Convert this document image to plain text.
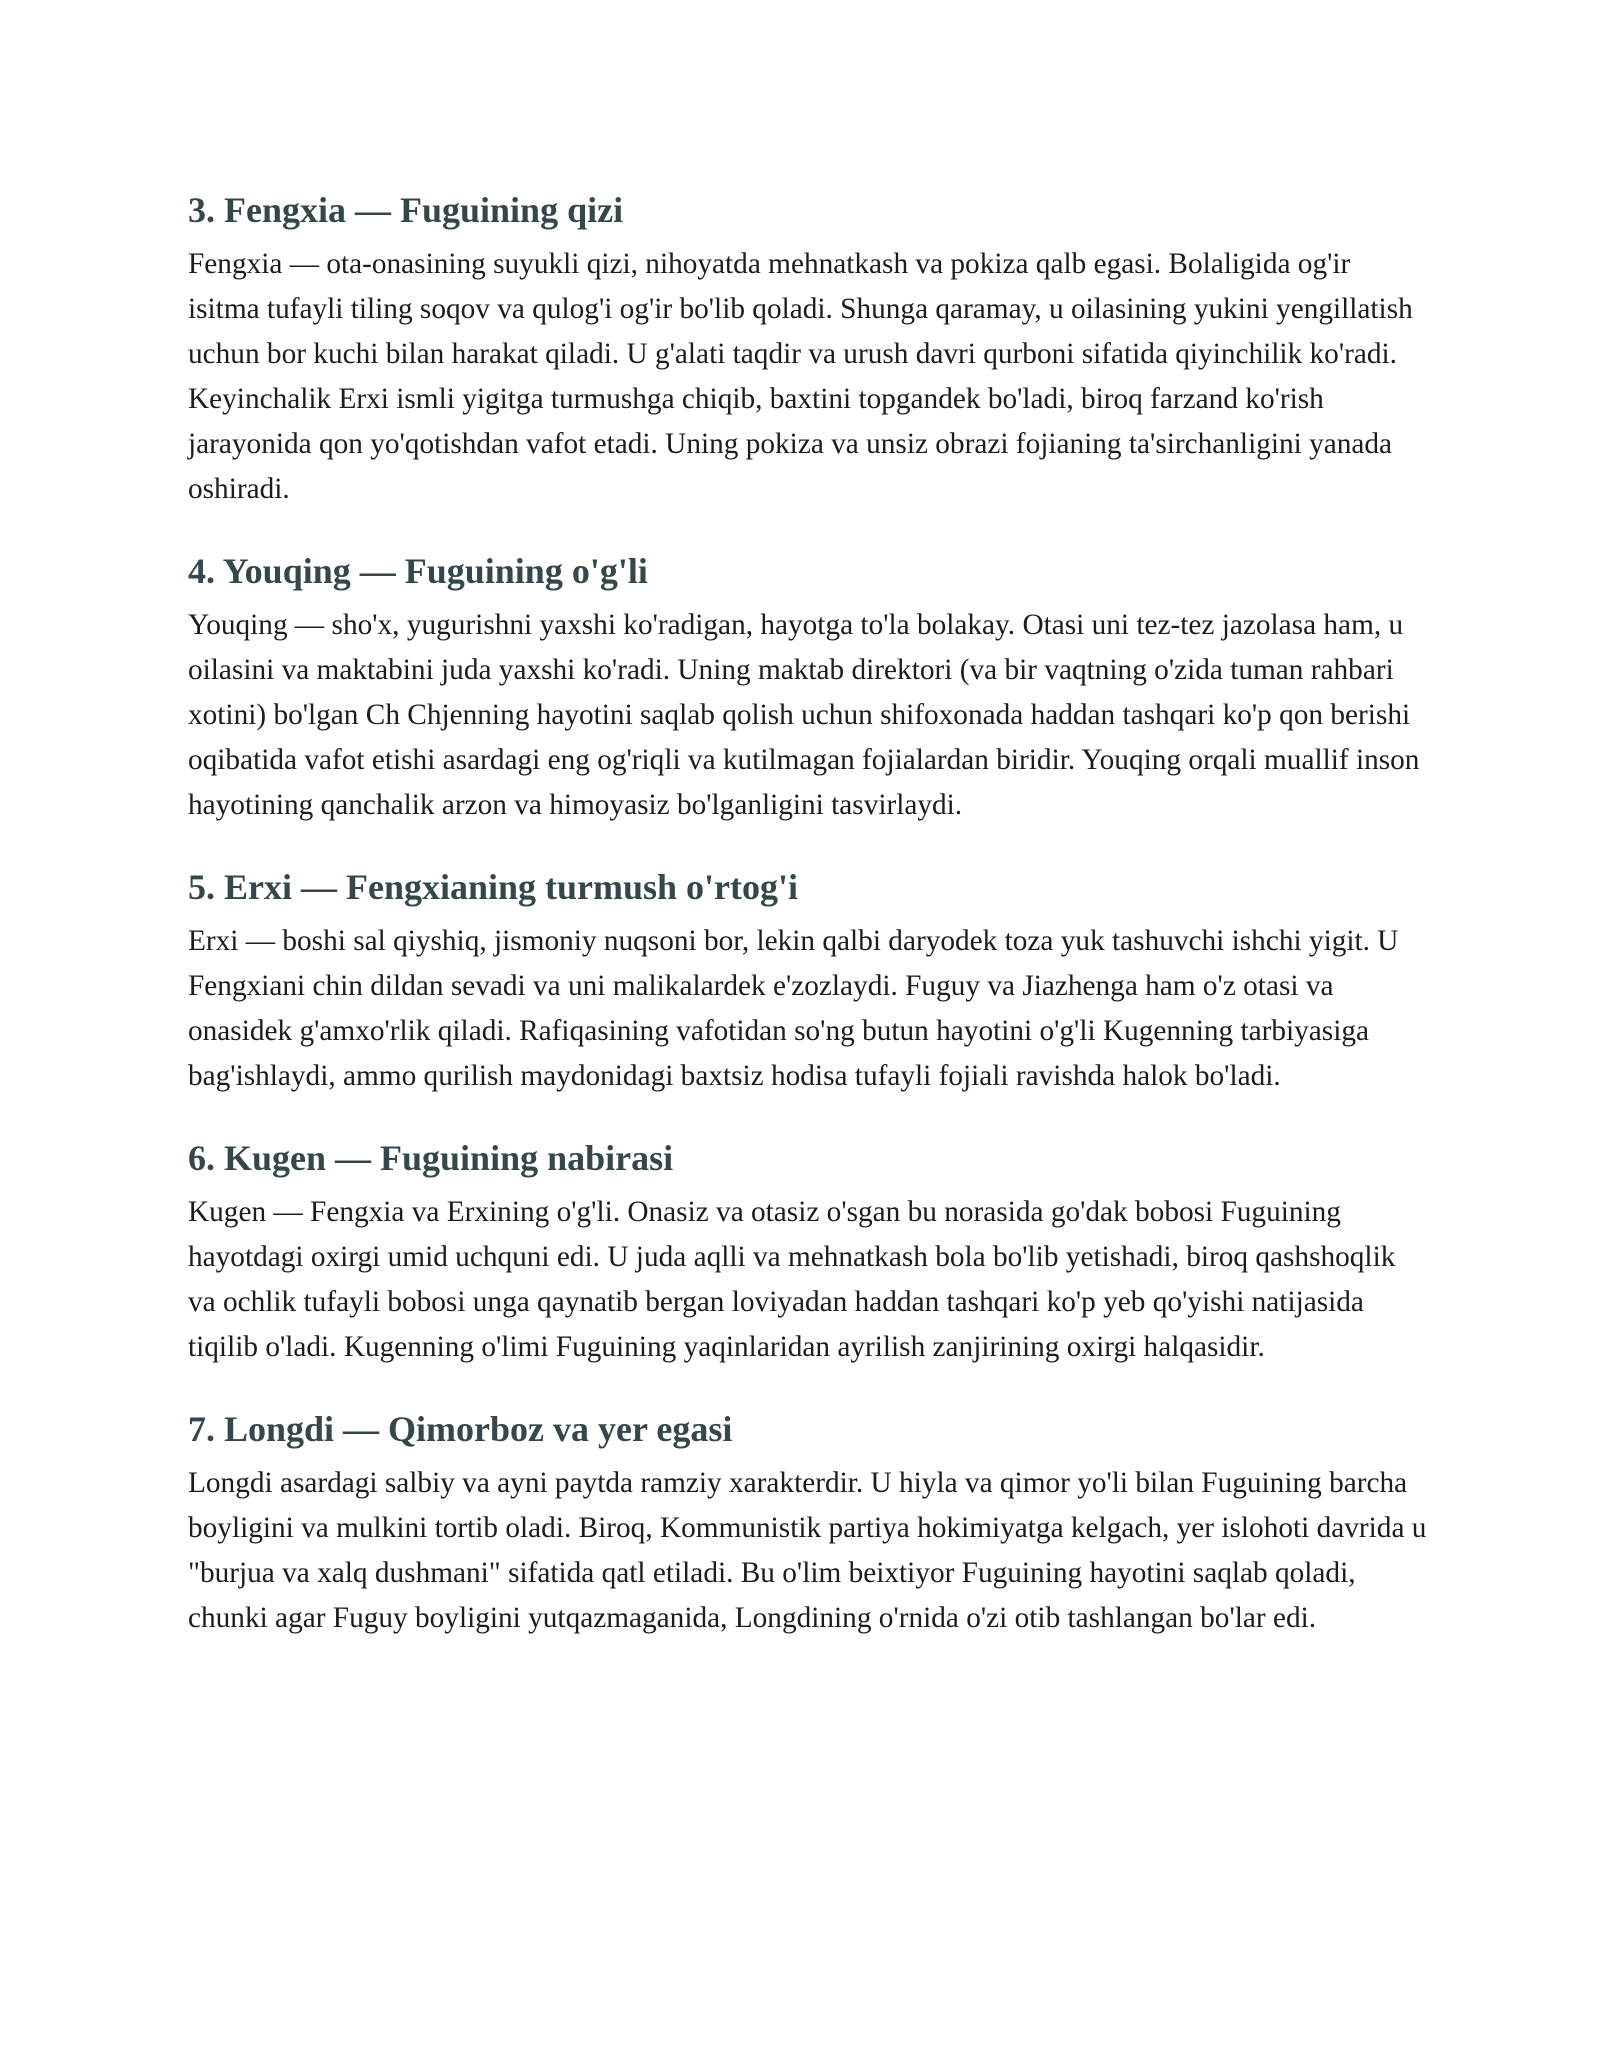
3. Fengxia — Fuguining qizi

Fengxia — ota-onasining suyukli qizi, nihoyatda mehnatkash va pokiza qalb egasi. Bolaligida og'ir isitma tufayli tiling soqov va qulog'i og'ir bo'lib qoladi. Shunga qaramay, u oilasining yukini yengillatish uchun bor kuchi bilan harakat qiladi. U g'alati taqdir va urush davri qurboni sifatida qiyinchilik ko'radi. Keyinchalik Erxi ismli yigitga turmushga chiqib, baxtini topgandek bo'ladi, biroq farzand ko'rish jarayonida qon yo'qotishdan vafot etadi. Uning pokiza va unsiz obrazi fojianing ta'sirchanligini yanada oshiradi.

4. Youqing — Fuguining o'g'li

Youqing — sho'x, yugurishni yaxshi ko'radigan, hayotga to'la bolakay. Otasi uni tez-tez jazolasa ham, u oilasini va maktabini juda yaxshi ko'radi. Uning maktab direktori (va bir vaqtning o'zida tuman rahbari xotini) bo'lgan Ch Chjenning hayotini saqlab qolish uchun shifoxonada haddan tashqari ko'p qon berishi oqibatida vafot etishi asardagi eng og'riqli va kutilmagan fojialardan biridir. Youqing orqali muallif inson hayotining qanchalik arzon va himoyasiz bo'lganligini tasvirlaydi.

5. Erxi — Fengxianing turmush o'rtog'i

Erxi — boshi sal qiyshiq, jismoniy nuqsoni bor, lekin qalbi daryodek toza yuk tashuvchi ishchi yigit. U Fengxiani chin dildan sevadi va uni malikalardek e'zozlaydi. Fuguy va Jiazhenga ham o'z otasi va onasidek g'amxo'rlik qiladi. Rafiqasining vafotidan so'ng butun hayotini o'g'li Kugenning tarbiyasiga bag'ishlaydi, ammo qurilish maydonidagi baxtsiz hodisa tufayli fojiali ravishda halok bo'ladi.

6. Kugen — Fuguining nabirasi

Kugen — Fengxia va Erxining o'g'li. Onasiz va otasiz o'sgan bu norasida go'dak bobosi Fuguining hayotdagi oxirgi umid uchquni edi. U juda aqlli va mehnatkash bola bo'lib yetishadi, biroq qashshoqlik va ochlik tufayli bobosi unga qaynatib bergan loviyadan haddan tashqari ko'p yeb qo'yishi natijasida tiqilib o'ladi. Kugenning o'limi Fuguining yaqinlaridan ayrilish zanjirining oxirgi halqasidir.

7. Longdi — Qimorboz va yer egasi

Longdi asardagi salbiy va ayni paytda ramziy xarakterdir. U hiyla va qimor yo'li bilan Fuguining barcha boyligini va mulkini tortib oladi. Biroq, Kommunistik partiya hokimiyatga kelgach, yer islohoti davrida u "burjua va xalq dushmani" sifatida qatl etiladi. Bu o'lim beixtiyor Fuguining hayotini saqlab qoladi, chunki agar Fuguy boyligini yutqazmaganida, Longdining o'rnida o'zi otib tashlangan bo'lar edi.
